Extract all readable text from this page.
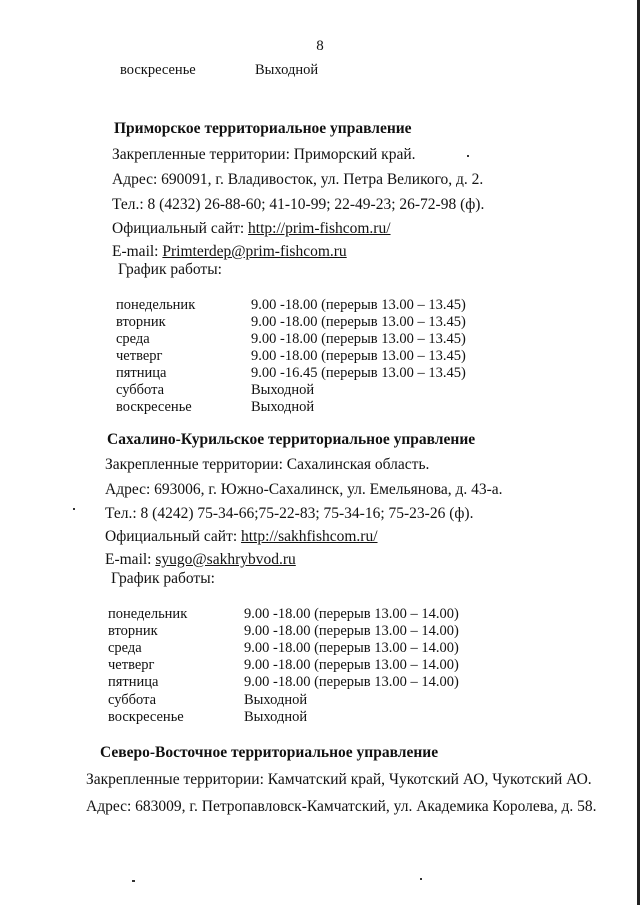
8
воскресенье	Выходной
Приморское территориальное управление
Закрепленные территории: Приморский край.
Адрес: 690091, г. Владивосток, ул. Петра Великого, д. 2.
Тел.: 8 (4232) 26-88-60; 41-10-99; 22-49-23; 26-72-98 (ф).
Официальный сайт: http://prim-fishcom.ru/
E-mail: Primterdep@prim-fishcom.ru
График работы:
понедельник	9.00 -18.00 (перерыв 13.00 – 13.45)
вторник	9.00 -18.00 (перерыв 13.00 – 13.45)
среда	9.00 -18.00 (перерыв 13.00 – 13.45)
четверг	9.00 -18.00 (перерыв 13.00 – 13.45)
пятница	9.00 -16.45 (перерыв 13.00 – 13.45)
суббота	Выходной
воскресенье	Выходной
Сахалино-Курильское территориальное управление
Закрепленные территории: Сахалинская область.
Адрес: 693006, г. Южно-Сахалинск, ул. Емельянова, д. 43-а.
Тел.: 8 (4242) 75-34-66;75-22-83; 75-34-16; 75-23-26 (ф).
Официальный сайт: http://sakhfishcom.ru/
E-mail: syugo@sakhrybvod.ru
График работы:
понедельник	9.00 -18.00 (перерыв 13.00 – 14.00)
вторник	9.00 -18.00 (перерыв 13.00 – 14.00)
среда	9.00 -18.00 (перерыв 13.00 – 14.00)
четверг	9.00 -18.00 (перерыв 13.00 – 14.00)
пятница	9.00 -18.00 (перерыв 13.00 – 14.00)
суббота	Выходной
воскресенье	Выходной
Северо-Восточное территориальное управление
Закрепленные территории: Камчатский край, Чукотский АО, Чукотский АО.
Адрес: 683009, г. Петропавловск-Камчатский, ул. Академика Королева, д. 58.
